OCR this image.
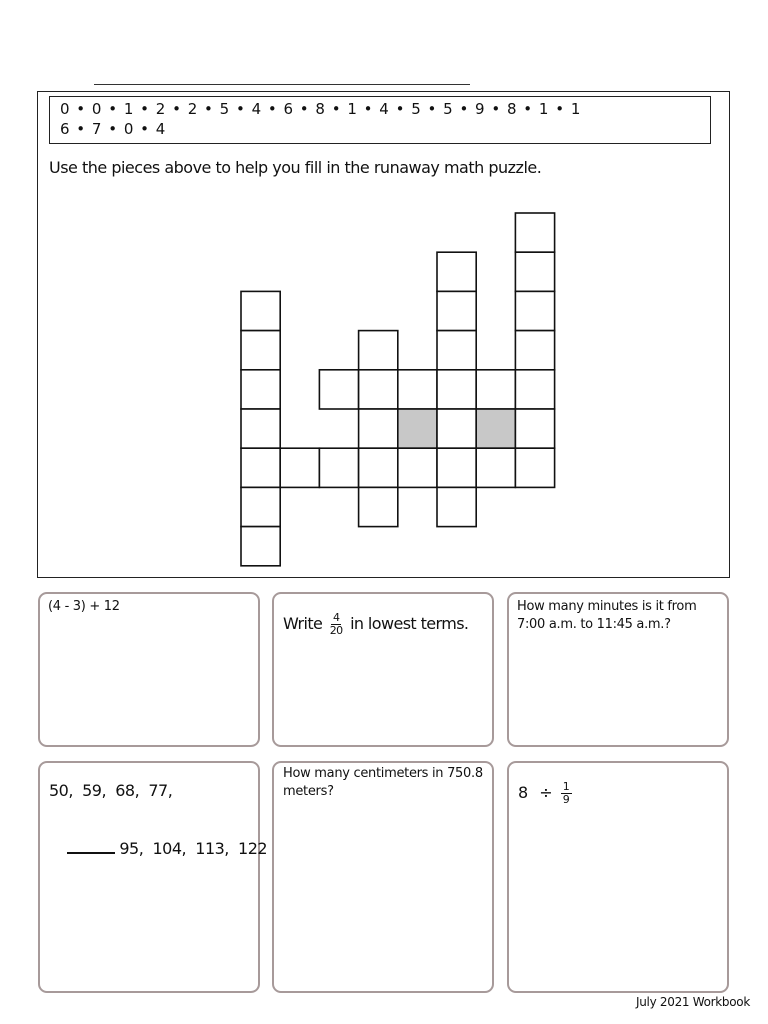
0 • 0 • 1 • 2 • 2 • 5 • 4 • 6 • 8 • 1 • 4 • 5 • 5 • 9 • 8 • 1 • 1
6 • 7 • 0 • 4
Use the pieces above to help you fill in the runaway math puzzle.
(4 - 3) + 12
Write $\frac{4}{20}$ in lowest terms.
How many minutes is it from 7:00 a.m. to 11:45 a.m.?
50,  59,  68,  77,

95,  104,  113,  122

How many centimeters in 750.8 meters?	$8 \div \frac{1}{9}$
July 2021 Workbook
